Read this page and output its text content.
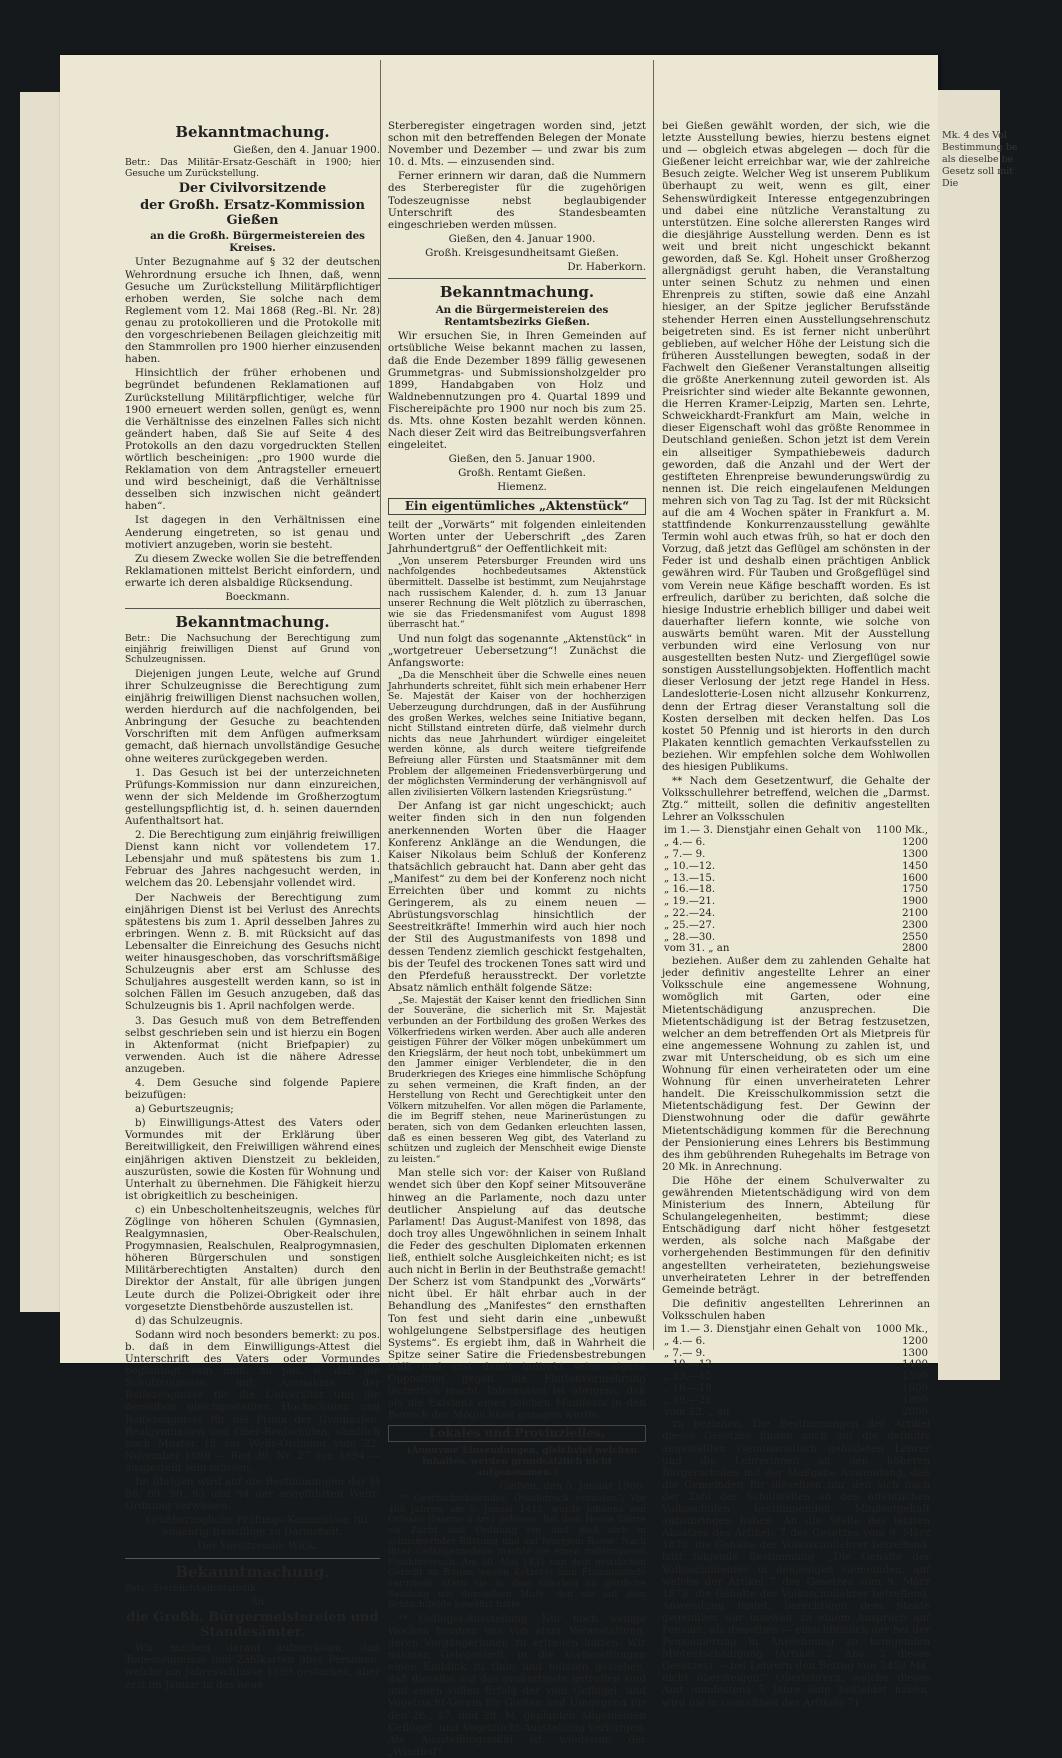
Bekanntmachung.

Gießen, den 4. Januar 1900.

Betr.: Das Militär-Ersatz-Geschäft in 1900; hier Gesuche um Zurückstellung.

Der Civilvorsitzende
der Großh. Ersatz-Kommission Gießen

an die Großh. Bürgermeistereien des Kreises.

Unter Bezugnahme auf § 32 der deutschen Wehrordnung ersuche ich Ihnen, daß, wenn Gesuche um Zurückstellung Militärpflichtiger erhoben werden, Sie solche nach dem Reglement vom 12. Mai 1868 (Reg.-Bl. Nr. 28) genau zu protokollieren und die Protokolle mit den vorgeschriebenen Beilagen gleichzeitig mit den Stammrollen pro 1900 hierher einzusenden haben.

Hinsichtlich der früher erhobenen und begründet befundenen Reklamationen auf Zurückstellung Militärpflichtiger, welche für 1900 erneuert werden sollen, genügt es, wenn die Verhältnisse des einzelnen Falles sich nicht geändert haben, daß Sie auf Seite 4 des Protokolls an den dazu vorgedruckten Stellen wörtlich bescheinigen: „pro 1900 wurde die Reklamation von dem Antragsteller erneuert und wird bescheinigt, daß die Verhältnisse desselben sich inzwischen nicht geändert haben“.

Ist dagegen in den Verhältnissen eine Aenderung eingetreten, so ist genau und motiviert anzugeben, worin sie besteht.

Zu diesem Zwecke wollen Sie die betreffenden Reklamationen mittelst Bericht einfordern, und erwarte ich deren alsbaldige Rücksendung.

Boeckmann.

Bekanntmachung.

Betr.: Die Nachsuchung der Berechtigung zum einjährig freiwilligen Dienst auf Grund von Schulzeugnissen.

Diejenigen jungen Leute, welche auf Grund ihrer Schulzeugnisse die Berechtigung zum einjährig freiwilligen Dienst nachsuchen wollen, werden hierdurch auf die nachfolgenden, bei Anbringung der Gesuche zu beachtenden Vorschriften mit dem Anfügen aufmerksam gemacht, daß hiernach unvollständige Gesuche ohne weiteres zurückgegeben werden.

1. Das Gesuch ist bei der unterzeichneten Prüfungs-Kommission nur dann einzureichen, wenn der sich Meldende im Großherzogtum gestellungspflichtig ist, d. h. seinen dauernden Aufenthaltsort hat.

2. Die Berechtigung zum einjährig freiwilligen Dienst kann nicht vor vollendetem 17. Lebensjahr und muß spätestens bis zum 1. Februar des Jahres nachgesucht werden, in welchem das 20. Lebensjahr vollendet wird.

Der Nachweis der Berechtigung zum einjährigen Dienst ist bei Verlust des Anrechts spätestens bis zum 1. April desselben Jahres zu erbringen. Wenn z. B. mit Rücksicht auf das Lebensalter die Einreichung des Gesuchs nicht weiter hinausgeschoben, das vorschriftsmäßige Schulzeugnis aber erst am Schlusse des Schuljahres ausgestellt werden kann, so ist in solchen Fällen im Gesuch anzugeben, daß das Schulzeugnis bis 1. April nachfolgen werde.

3. Das Gesuch muß von dem Betreffenden selbst geschrieben sein und ist hierzu ein Bogen in Aktenformat (nicht Briefpapier) zu verwenden. Auch ist die nähere Adresse anzugeben.

4. Dem Gesuche sind folgende Papiere beizufügen:

a) Geburtszeugnis;

b) Einwilligungs-Attest des Vaters oder Vormundes mit der Erklärung über Bereitwilligkeit, den Freiwilligen während eines einjährigen aktiven Dienstzeit zu bekleiden, auszurüsten, sowie die Kosten für Wohnung und Unterhalt zu übernehmen. Die Fähigkeit hierzu ist obrigkeitlich zu bescheinigen.

c) ein Unbescholtenheitszeugnis, welches für Zöglinge von höheren Schulen (Gymnasien, Realgymnasien, Ober-Realschulen, Progymnasien, Realschulen, Realprogymnasien, höheren Bürgerschulen und sonstigen Militärberechtigten Anstalten) durch den Direktor der Anstalt, für alle übrigen jungen Leute durch die Polizei-Obrigkeit oder ihre vorgesetzte Dienstbehörde auszustellen ist.

d) das Schulzeugnis.

Sodann wird noch besonders bemerkt: zu pos. b. daß in dem Einwilligungs-Attest die Unterschrift des Vaters oder Vormundes beglaubigt sein muß; zu pos. d. daß die Schulzeugnisse, mit Ausnahme der Reifezeugnisse für die Universität und die derselben gleichgestellten Hochschulen und Reifezeugnisse für die Prima der Gymnasien, Realgymnasien und Ober-Realschulen, sämtlich nach Muster 18 zur Wehr-Ordnung vom 22. November 1888 — Reg.-Bl. Nr. 27 von 1894 — ausgestellt sein müssen.

Im übrigen wird auf die Bestimmungen der §§ 88, 89, 90, 93 und 94 der angeführten Wehr-Ordnung verwiesen.

Großherzogliche Prüfungs-Kommission für einjährig-freiwillige zu Darmstadt.

Der Vorsitzende: Wick.

Bekanntmachung.

Betr.: Sterblichkeitsstatistik.

An

die Großh. Bürgermeistereien und Standesämter.

Wir machen darauf aufmerksam, daß Todeszeugnisse und Zählkarten über Personen, welche am Jahresschlusse 1899 gestorben, aber erst im Januar in das neue

Sterberegister eingetragen worden sind, jetzt schon mit den betreffenden Belegen der Monate November und Dezember — und zwar bis zum 10. d. Mts. — einzusenden sind.

Ferner erinnern wir daran, daß die Nummern des Sterberegister für die zugehörigen Todeszeugnisse nebst beglaubigender Unterschrift des Standesbeamten eingeschrieben werden müssen.

Gießen, den 4. Januar 1900.

Großh. Kreisgesundheitsamt Gießen.

Dr. Haberkorn.

Bekanntmachung.

An die Bürgermeistereien des Rentamtsbezirks Gießen.

Wir ersuchen Sie, in Ihren Gemeinden auf ortsübliche Weise bekannt machen zu lassen, daß die Ende Dezember 1899 fällig gewesenen Grummetgras- und Submissionsholzgelder pro 1899, Handabgaben von Holz und Waldnebennutzungen pro 4. Quartal 1899 und Fischereipächte pro 1900 nur noch bis zum 25. ds. Mts. ohne Kosten bezahlt werden können. Nach dieser Zeit wird das Beitreibungsverfahren eingeleitet.

Gießen, den 5. Januar 1900.

Großh. Rentamt Gießen.

Hiemenz.

Ein eigentümliches „Aktenstück“

teilt der „Vorwärts“ mit folgenden einleitenden Worten unter der Ueberschrift „des Zaren Jahrhundertgruß“ der Oeffentlichkeit mit:

„Von unserem Petersburger Freunden wird uns nachfolgendes hochbedeutsames Aktenstück übermittelt. Dasselbe ist bestimmt, zum Neujahrstage nach russischem Kalender, d. h. zum 13 Januar unserer Rechnung die Welt plötzlich zu überraschen, wie sie das Friedensmanifest vom August 1898 überrascht hat.“

Und nun folgt das sogenannte „Aktenstück“ in „wortgetreuer Uebersetzung“! Zunächst die Anfangsworte:

„Da die Menschheit über die Schwelle eines neuen Jahrhunderts schreitet, fühlt sich mein erhabener Herr Se. Majestät der Kaiser von der hochherzigen Ueberzeugung durchdrungen, daß in der Ausführung des großen Werkes, welches seine Initiative begann, nicht Stillstand eintreten dürfe, daß vielmehr durch nichts das neue Jahrhundert würdiger eingeleitet werden könne, als durch weitere tiefgreifende Befreiung aller Fürsten und Staatsmänner mit dem Problem der allgemeinen Friedensverbürgerung und der möglichsten Verminderung der verhängnisvoll auf allen zivilisierten Völkern lastenden Kriegsrüstung.“

Der Anfang ist gar nicht ungeschickt; auch weiter finden sich in den nun folgenden anerkennenden Worten über die Haager Konferenz Anklänge an die Wendungen, die Kaiser Nikolaus beim Schluß der Konferenz thatsächlich gebraucht hat. Dann aber geht das „Manifest“ zu dem bei der Konferenz noch nicht Erreichten über und kommt zu nichts Geringerem, als zu einem neuen — Abrüstungsvorschlag hinsichtlich der Seestreitkräfte! Immerhin wird auch hier noch der Stil des Augustmanifests von 1898 und dessen Tendenz ziemlich geschickt festgehalten, bis der Teufel des trockenen Tones satt wird und den Pferdefuß herausstreckt. Der vorletzte Absatz nämlich enthält folgende Sätze:

„Se. Majestät der Kaiser kennt den friedlichen Sinn der Souveräne, die sicherlich mit Sr. Majestät verbunden an der Fortbildung des großen Werkes des Völkerfriedens wirken werden. Aber auch alle anderen geistigen Führer der Völker mögen unbekümmert um den Kriegslärm, der heut noch tobt, unbekümmert um den Jammer einiger Verblendeter, die in den Bruderkriegen des Krieges eine himmlische Schöpfung zu sehen vermeinen, die Kraft finden, an der Herstellung von Recht und Gerechtigkeit unter den Völkern mitzuhelfen. Vor allen mögen die Parlamente, die im Begriff stehen, neue Marinerüstungen zu beraten, sich von dem Gedanken erleuchten lassen, daß es einen besseren Weg gibt, des Vaterland zu schützen und zugleich der Menschheit ewige Dienste zu leisten.“

Man stelle sich vor: der Kaiser von Rußland wendet sich über den Kopf seiner Mitsouveräne hinweg an die Parlamente, noch dazu unter deutlicher Anspielung auf das deutsche Parlament! Das August-Manifest von 1898, das doch troy alles Ungewöhnlichen in seinem Inhalt die Feder des geschulten Diplomaten erkennen ließ, enthielt solche Ausgleichkeiten nicht; es ist auch nicht in Berlin in der Beuthstraße gemacht! Der Scherz ist vom Standpunkt des „Vorwärts“ nicht übel. Er hält ehrbar auch in der Behandlung des „Manifestes“ den ernsthaften Ton fest und sieht darin eine „unbewußt wohlgelungene Selbstpersiflage des heutigen Systems“. Es ergiebt ihm, daß in Wahrheit die Spitze seiner Satire die Friedensbestrebungen trifft und erst damit indirekt seine eigene Opposition gegen die Flottenvermehrung lächerlich macht. Interessant ist übrigens, daß als die Existenz eines solchen Manifests in den Bereich der Möglichkeit gezogen wurde.

Lokales und Provinzielles.

(Anonyme Einsendungen, gleichviel welchen Inhaltes, werden grundsätzlich nicht aufgenommen.)

Gießen, den 5. Januar 1900.

** Geschichtskalender. (Nachdruck verboten.) Vor 488 Jahren, am 6. Januar 1412, wurde Johanna von Orleans (Jeanne d'Arc) geboren. Bei dem Heere führte sie Zucht und Ordnung ein und gieß sich in schimmernder Rüstung und auf feurigem Rosse. Nach ihrer Gefangennahme machte sie einen mißlungenen Fluchtversuch. Am 30. Mai 1431 von dem geistlichen Gericht zu Rouen wegen Ketzerei zum Flammentode verurteilt, starb sie in dem Glauben an göttliche Sendung mit demselben Mute, den sie auf dem Schlachtfelde bewährt hatte.

** Geflügel-Ausstellung. Nur noch wenige Wochen trennen uns von einer Veranstaltung, deren Vorgängerinnen zu erfreuen hatten. Wir nahmen Gelegenheit, in die Vorbereitungen einen Einblick zu thun und müssen gestehen, daß dieselbe auf das großartigste getroffen sind und einen vollen Erfolg der vom Geflügel- und Vogelzucht-Verein für Gießen und Umgegend für den 26., 27. und 28. M. geplanten Allgemeinen Geflügel- und Vogelzucht-Ausstellung verbürgen. Als Ausstellungslokal ist wiederum der „Windhof“

bei Gießen gewählt worden, der sich, wie die letzte Ausstellung bewies, hierzu bestens eignet und — obgleich etwas abgelegen — doch für die Gießener leicht erreichbar war, wie der zahlreiche Besuch zeigte. Welcher Weg ist unserem Publikum überhaupt zu weit, wenn es gilt, einer Sehenswürdigkeit Interesse entgegenzubringen und dabei eine nützliche Veranstaltung zu unterstützen. Eine solche allerersten Ranges wird die diesjährige Ausstellung werden. Denn es ist weit und breit nicht ungeschickt bekannt geworden, daß Se. Kgl. Hoheit unser Großherzog allergnädigst geruht haben, die Veranstaltung unter seinen Schutz zu nehmen und einen Ehrenpreis zu stiften, sowie daß eine Anzahl hiesiger, an der Spitze jeglicher Berufsstände stehender Herren einen Ausstellungsehrenschutz beigetreten sind. Es ist ferner nicht unberührt geblieben, auf welcher Höhe der Leistung sich die früheren Ausstellungen bewegten, sodaß in der Fachwelt den Gießener Veranstaltungen allseitig die größte Anerkennung zuteil geworden ist. Als Preisrichter sind wieder alte Bekannte gewonnen, die Herren Kramer-Leipzig, Marten sen. Lehrte, Schweickhardt-Frankfurt am Main, welche in dieser Eigenschaft wohl das größte Renommee in Deutschland genießen. Schon jetzt ist dem Verein ein allseitiger Sympathiebeweis dadurch geworden, daß die Anzahl und der Wert der gestifteten Ehrenpreise bewunderungswürdig zu nennen ist. Die reich eingelaufenen Meldungen mehren sich von Tag zu Tag. Ist der mit Rücksicht auf die am 4 Wochen später in Frankfurt a. M. stattfindende Konkurrenzausstellung gewählte Termin wohl auch etwas früh, so hat er doch den Vorzug, daß jetzt das Geflügel am schönsten in der Feder ist und deshalb einen prächtigen Anblick gewähren wird. Für Tauben und Großgeflügel sind vom Verein neue Käfige beschafft worden. Es ist erfreulich, darüber zu berichten, daß solche die hiesige Industrie erheblich billiger und dabei weit dauerhafter liefern konnte, wie solche von auswärts bemüht waren. Mit der Ausstellung verbunden wird eine Verlosung von nur ausgestellten besten Nutz- und Ziergeflügel sowie sonstigen Ausstellungsobjekten. Hoffentlich macht dieser Verlosung der jetzt rege Handel in Hess. Landeslotterie-Losen nicht allzusehr Konkurrenz, denn der Ertrag dieser Veranstaltung soll die Kosten derselben mit decken helfen. Das Los kostet 50 Pfennig und ist hierorts in den durch Plakaten kenntlich gemachten Verkaufsstellen zu beziehen. Wir empfehlen solche dem Wohlwollen des hiesigen Publikums.

** Nach dem Gesetzentwurf, die Gehalte der Volksschullehrer betreffend, welchen die „Darmst. Ztg.“ mitteilt, sollen die definitiv angestellten Lehrer an Volksschulen

im 1.— 3. Dienstjahr einen Gehalt von	1100 Mk.,
„ 4.— 6.	1200
„ 7.— 9.	1300
„ 10.—12.	1450
„ 13.—15.	1600
„ 16.—18.	1750
„ 19.—21.	1900
„ 22.—24.	2100
„ 25.—27.	2300
„ 28.—30.	2550
vom 31. „ an	2800

beziehen. Außer dem zu zahlenden Gehalte hat jeder definitiv angestellte Lehrer an einer Volksschule eine angemessene Wohnung, womöglich mit Garten, oder eine Mietentschädigung anzusprechen. Die Mietentschädigung ist der Betrag festzusetzen, welcher an dem betreffenden Ort als Mietpreis für eine angemessene Wohnung zu zahlen ist, und zwar mit Unterscheidung, ob es sich um eine Wohnung für einen verheirateten oder um eine Wohnung für einen unverheirateten Lehrer handelt. Die Kreisschulkommission setzt die Mietentschädigung fest. Der Gewinn der Dienstwohnung oder die dafür gewährte Mietentschädigung kommen für die Berechnung der Pensionierung eines Lehrers bis Bestimmung des ihm gebührenden Ruhegehalts im Betrage von 20 Mk. in Anrechnung.

Die Höhe der einem Schulverwalter zu gewährenden Mietentschädigung wird von dem Ministerium des Innern, Abteilung für Schulangelegenheiten, bestimmt; diese Entschädigung darf nicht höher festgesetzt werden, als solche nach Maßgabe der vorhergehenden Bestimmungen für den definitiv angestellten verheirateten, beziehungsweise unverheirateten Lehrer in der betreffenden Gemeinde beträgt.

Die definitiv angestellten Lehrerinnen an Volksschulen haben

im 1.— 3. Dienstjahr einen Gehalt von	1000 Mk.,
„ 4.— 6.	1200
„ 7.— 9.	1300
„ 10.—12.	1400
„ 13.—15.	1500
„ 16.—18.	1600
„ 19.—21.	1800
vom 22. „ an	2000

zu beziehen. Die Bestimmungen der Artikel dieses Gesetzes finden auch auf die definitiv angestellten (seminaristisch gebildeten Lehrer und die Lehrerinnen an den höheren Bürgerschulen mit der Maßgabe Anwendung, daß die Gemeinden für dieselben nur den sich nach der Zahl der Schulstellen an den öffentlichen Volksschulen bestimmenden Mindestgehalt aufzubringen haben. An die Stelle des letzten Absatzes des Artikels 7 des Gesetzes vom 9. März 1878, die Gehalte der Volksschullehrer betreffend, tritt folgende Bestimmung: „Die Gehalte der Volksschullehrer in denjenigen Gemeinden, auf welche der Artikel 7 des Gesetzes vom 9. März 1878, die Gehalte der Volksschullehrer betreffend, Anwendung findet, berechtigen dem Staate gegenüber nur insoweit zu einem Anspruch auf Pension, als dieselben — einschließlich der bei der Pensionierung in Anrechnung zu bringenden Mietentschädigung (Artikel 2 Abs. 3 dieses Gesetzes) — bei Lehrern den Betrag von 2450 Mk. nicht übersteigen.“ Oberlehrern, welche dieses Amt mindestens 5 Jahre lang bekleidet haben, wird die in Gemäßheit des Artikels 71

Mk. 4 des Vol
Bestimmung be
als dieselbe be
Gesetz soll mit
Die
